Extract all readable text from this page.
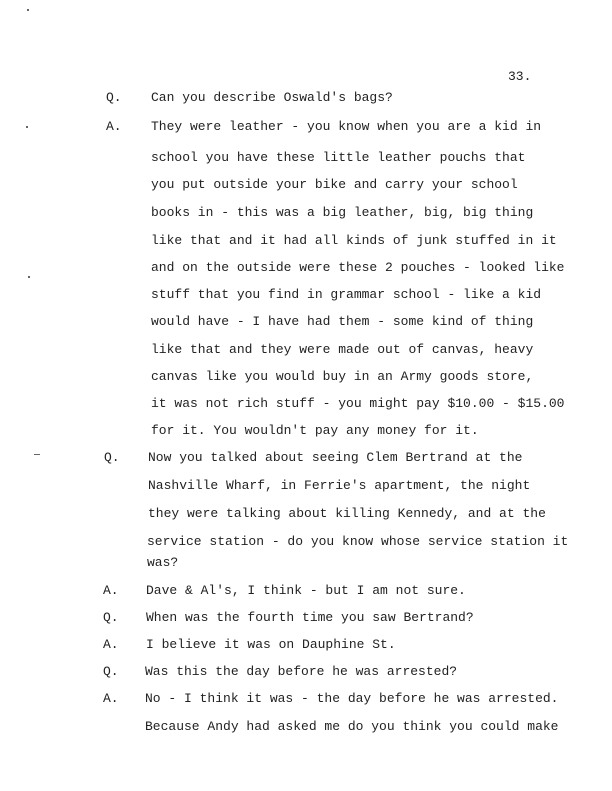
33.
Q. Can you describe Oswald's bags?
A. They were leather - you know when you are a kid in
school you have these little leather pouchs that
you put outside your bike and carry your school
books in - this was a big leather, big, big thing
like that and it had all kinds of junk stuffed in it
and on the outside were these 2 pouches - looked like
stuff that you find in grammar school - like a kid
would have - I have had them - some kind of thing
like that and they were made out of canvas, heavy
canvas like you would buy in an Army goods store,
it was not rich stuff - you might pay $10.00 - $15.00
for it. You wouldn't pay any money for it.
Q. Now you talked about seeing Clem Bertrand at the
Nashville Wharf, in Ferrie's apartment, the night
they were talking about killing Kennedy, and at the
service station - do you know whose service station it
was?
A. Dave & Al's, I think - but I am not sure.
Q. When was the fourth time you saw Bertrand?
A. I believe it was on Dauphine St.
Q. Was this the day before he was arrested?
A. No - I think it was - the day before he was arrested.
Because Andy had asked me do you think you could make
